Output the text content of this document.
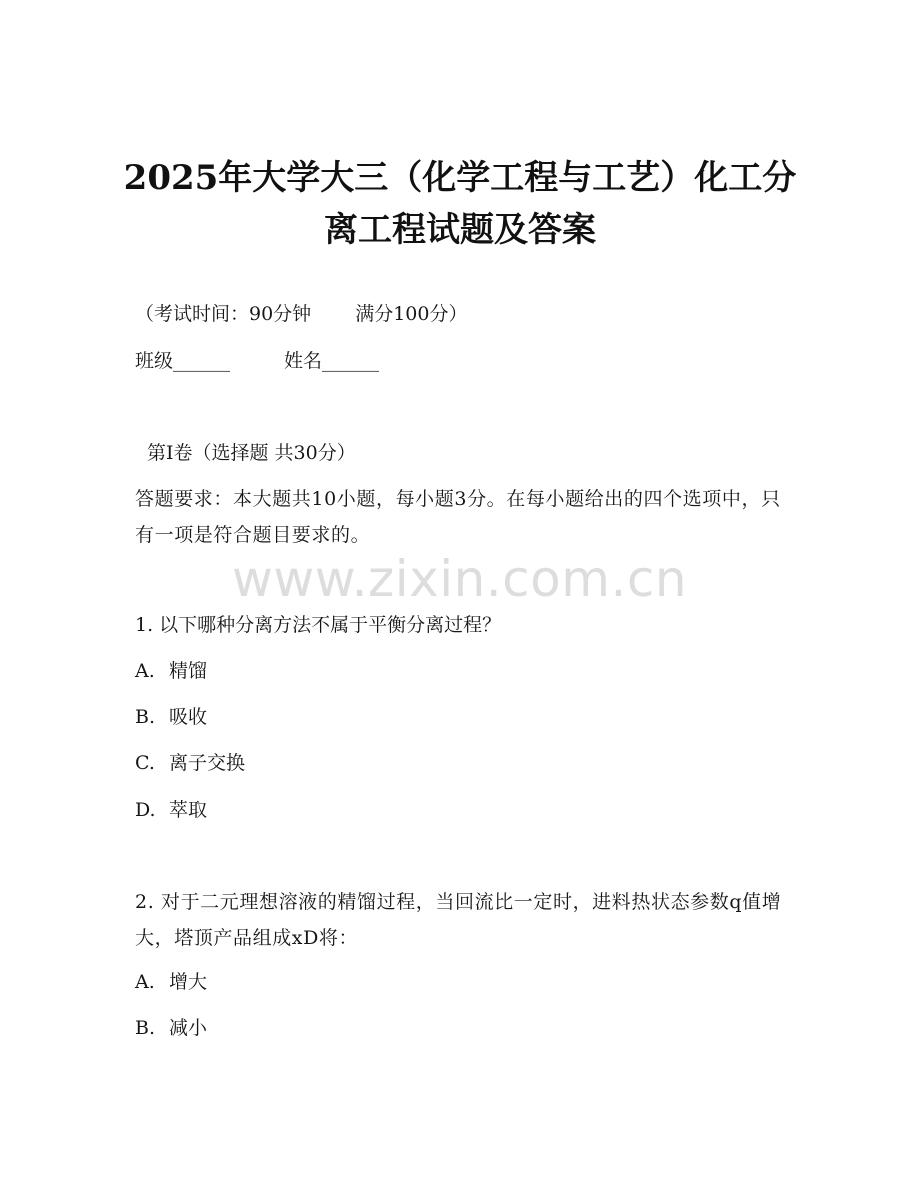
2025年大学大三（化学工程与工艺）化工分
离工程试题及答案
（考试时间：90分钟 满分100分）
班级______	姓名______
第Ⅰ卷（选择题 共30分）
答题要求：本大题共10小题，每小题3分。在每小题给出的四个选项中，只有一项是符合题目要求的。
www.zixin.com.cn
1. 以下哪种分离方法不属于平衡分离过程？
A. 精馏
B. 吸收
C. 离子交换
D. 萃取
2. 对于二元理想溶液的精馏过程，当回流比一定时，进料热状态参数q值增大，塔顶产品组成xD将：
A. 增大
B. 减小
